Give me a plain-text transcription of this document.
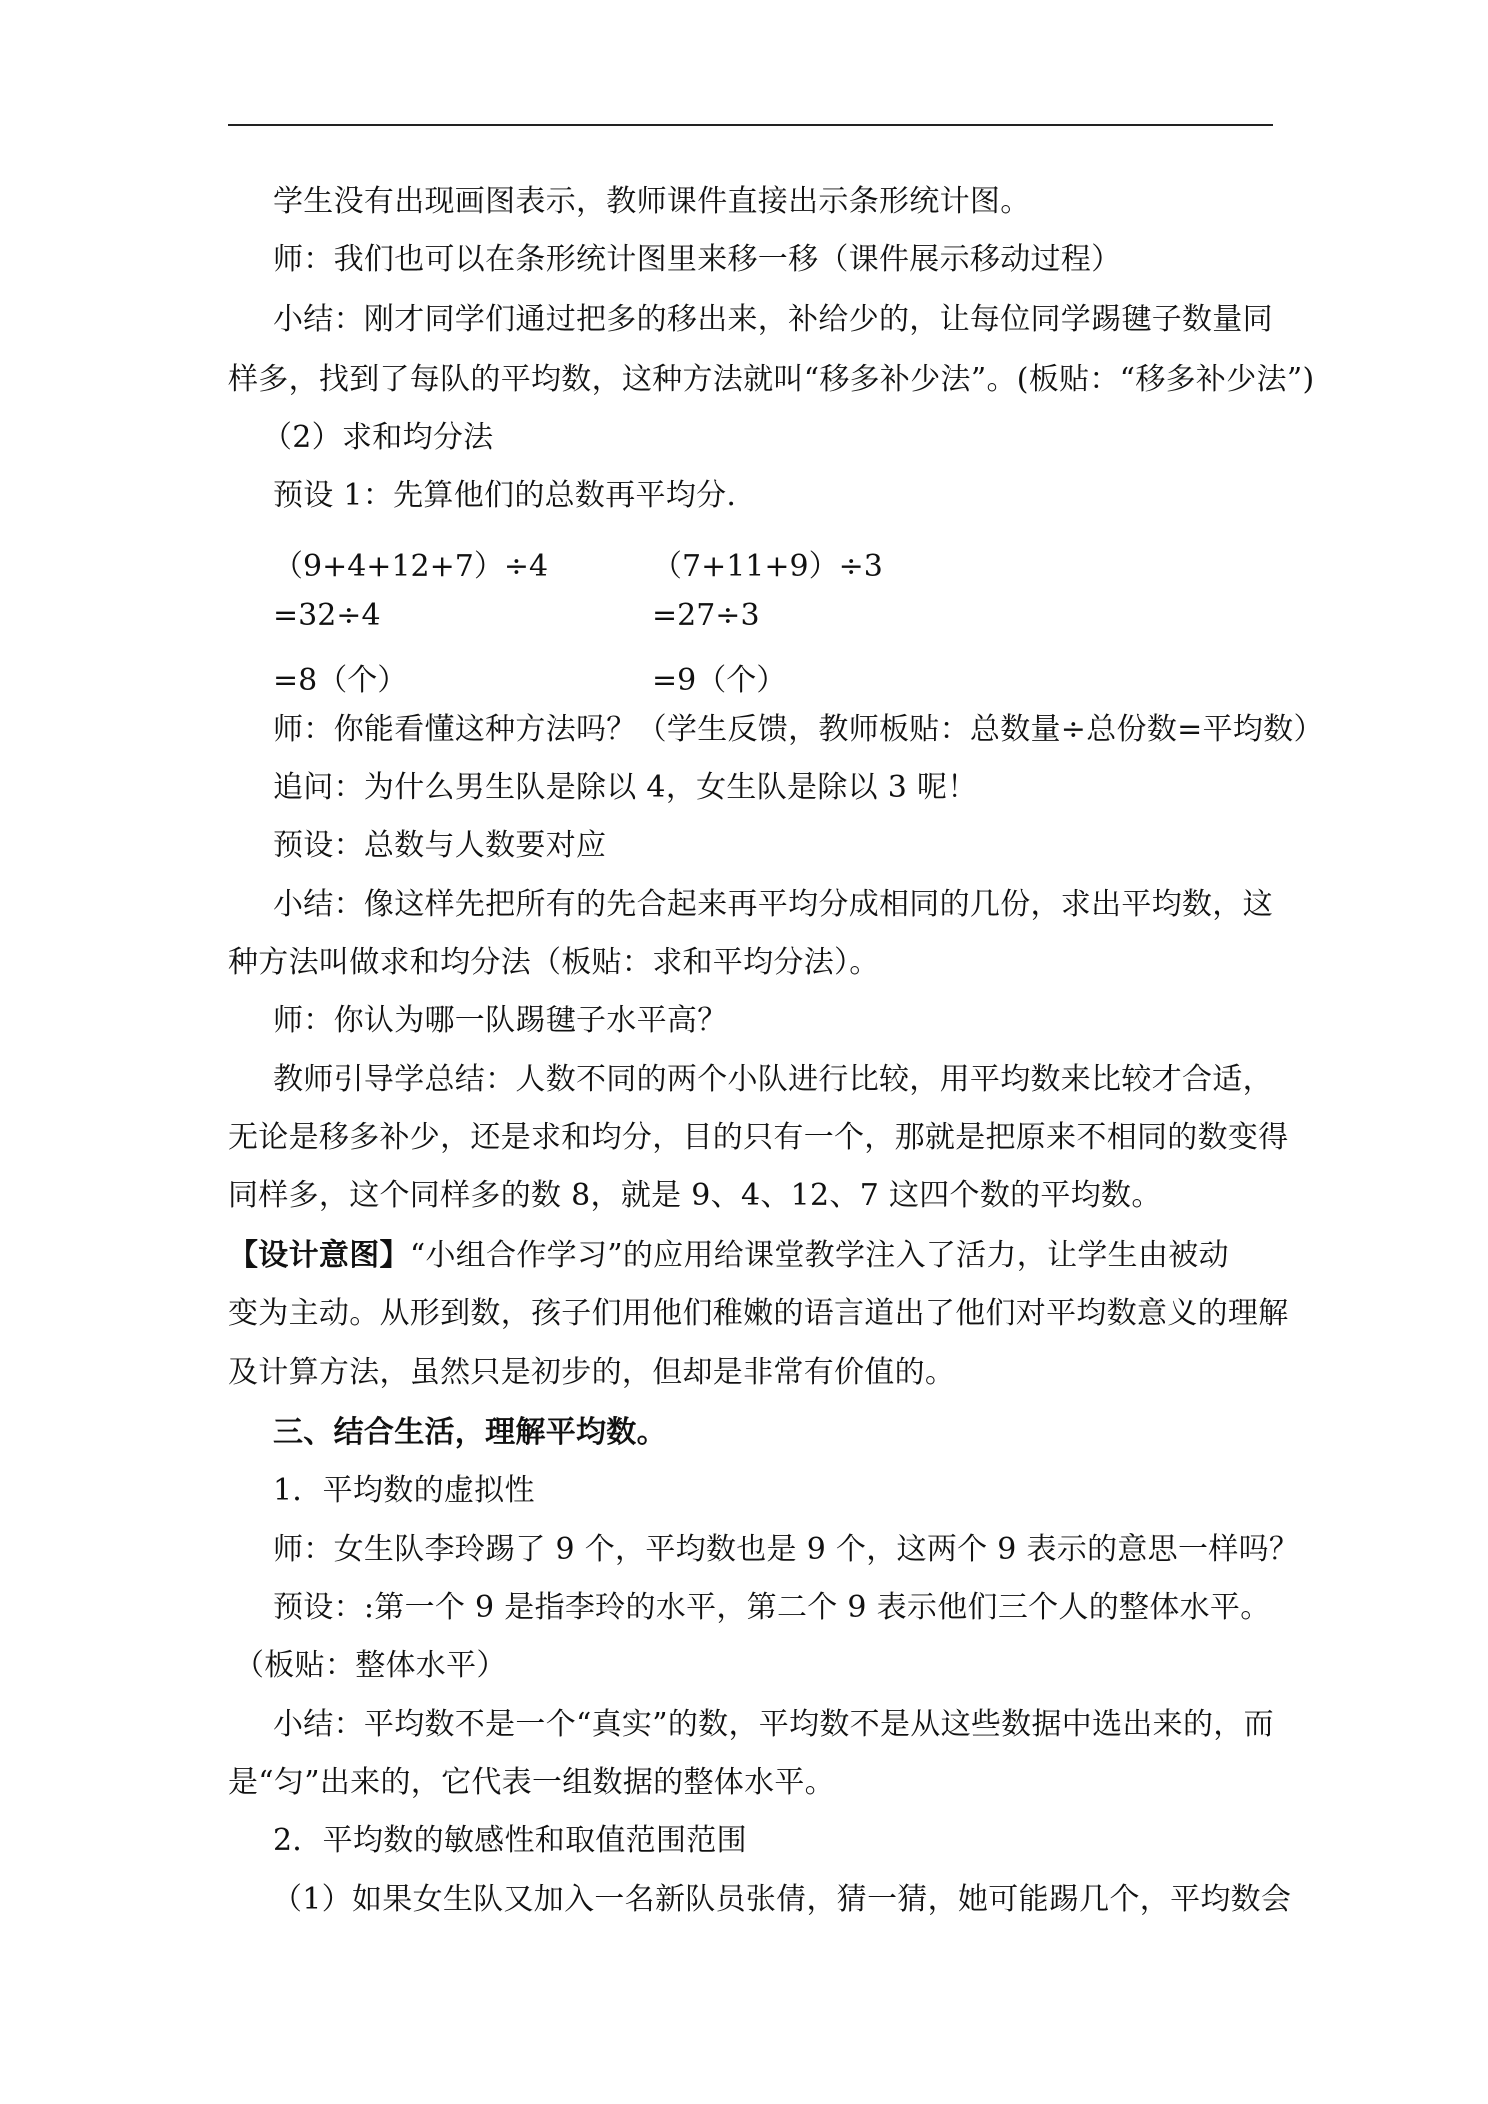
学生没有出现画图表示，教师课件直接出示条形统计图。
师：我们也可以在条形统计图里来移一移（课件展示移动过程）
小结：刚才同学们通过把多的移出来，补给少的，让每位同学踢毽子数量同
样多，找到了每队的平均数，这种方法就叫“移多补少法”。(板贴：“移多补少法”)
（2）求和均分法
预设 1：先算他们的总数再平均分.
（9+4+12+7）÷4
=32÷4
=8（个）
（7+11+9）÷3
=27÷3
=9（个）
师：你能看懂这种方法吗？（学生反馈，教师板贴：总数量÷总份数=平均数）
追问：为什么男生队是除以 4，女生队是除以 3 呢！
预设：总数与人数要对应
小结：像这样先把所有的先合起来再平均分成相同的几份，求出平均数，这
种方法叫做求和均分法（板贴：求和平均分法）。
师：你认为哪一队踢毽子水平高？
教师引导学总结：人数不同的两个小队进行比较，用平均数来比较才合适，
无论是移多补少，还是求和均分，目的只有一个，那就是把原来不相同的数变得
同样多，这个同样多的数 8，就是 9、4、12、7 这四个数的平均数。
【设计意图】“小组合作学习”的应用给课堂教学注入了活力，让学生由被动
变为主动。从形到数，孩子们用他们稚嫩的语言道出了他们对平均数意义的理解
及计算方法，虽然只是初步的，但却是非常有价值的。
三、结合生活，理解平均数。
1．平均数的虚拟性
师：女生队李玲踢了 9 个，平均数也是 9 个，这两个 9 表示的意思一样吗？
预设：:第一个 9 是指李玲的水平，第二个 9 表示他们三个人的整体水平。
（板贴：整体水平）
小结：平均数不是一个“真实”的数，平均数不是从这些数据中选出来的，而
是“匀”出来的，它代表一组数据的整体水平。
2．平均数的敏感性和取值范围范围
（1）如果女生队又加入一名新队员张倩，猜一猜，她可能踢几个，平均数会
